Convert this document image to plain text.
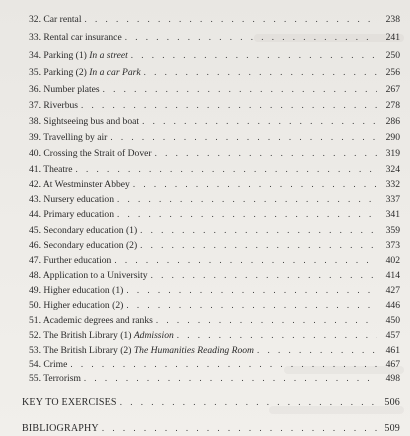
32. Car rental . . .	238
33. Rental car insurance . . .	241
34. Parking (1) In a street . . .	250
35. Parking (2) In a car Park . . .	256
36. Number plates . . .	267
37. Riverbus . . .	278
38. Sightseeing bus and boat . . .	286
39. Travelling by air . . .	290
40. Crossing the Strait of Dover . . .	319
41. Theatre . . .	324
42. At Westminster Abbey . . .	332
43. Nursery education . . .	337
44. Primary education . . .	341
45. Secondary education (1) . . .	359
46. Secondary education (2) . . .	373
47. Further education . . .	402
48. Application to a University . . .	414
49. Higher education (1) . . .	427
50. Higher education (2) . . .	446
51. Academic degrees and ranks . . .	450
52. The British Library (1) Admission . . .	457
53. The British Library (2) The Humanities Reading Room . . .	461
54. Crime . . .	467
55. Terrorism . . .	498
KEY TO EXERCISES . . .	506
BIBLIOGRAPHY . . .	509
